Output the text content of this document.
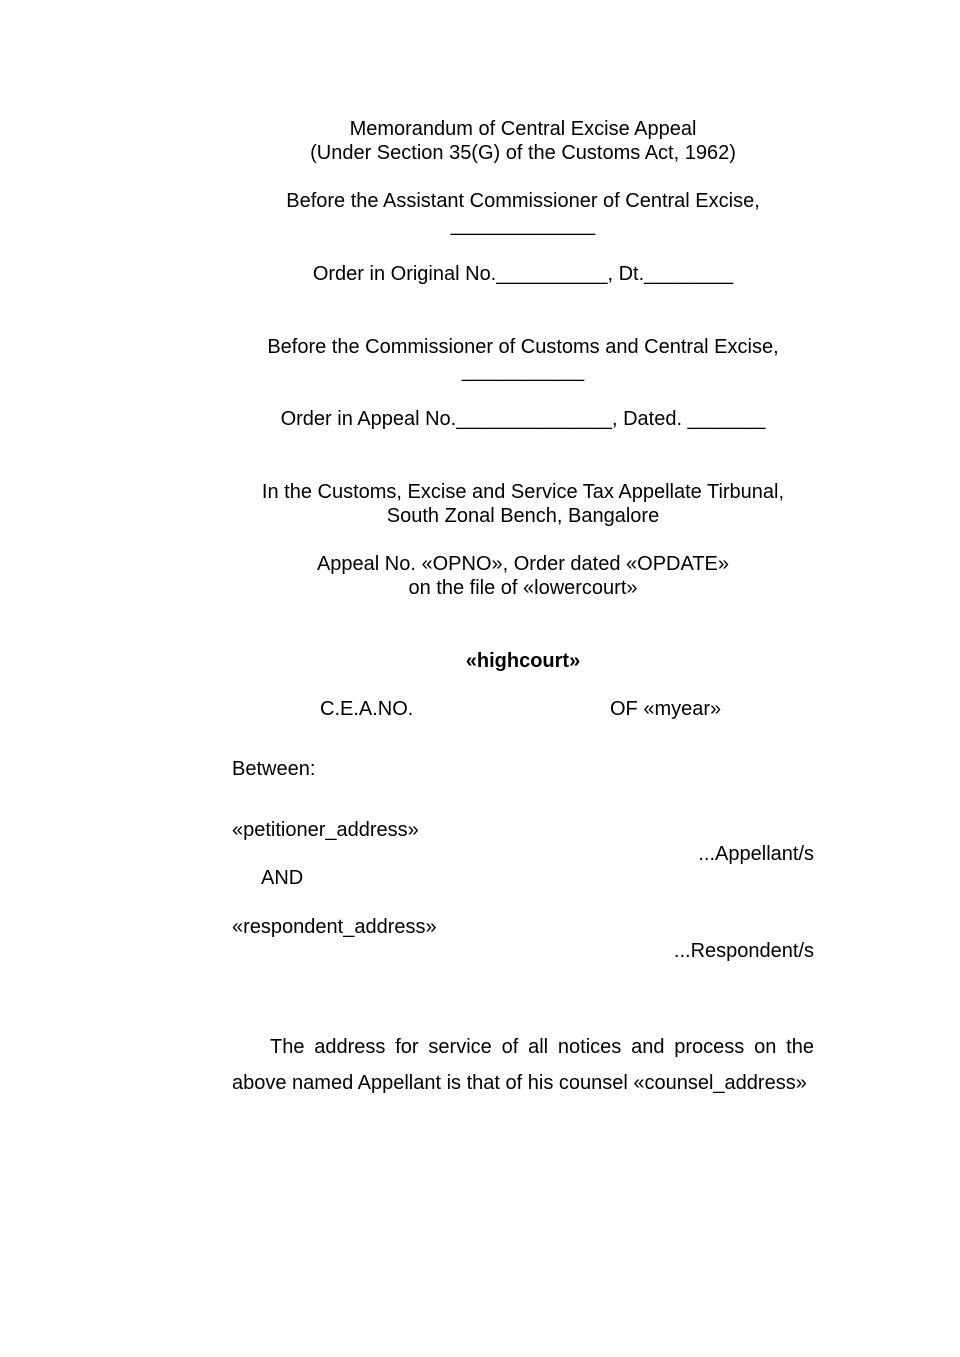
Memorandum of Central Excise Appeal
(Under Section 35(G) of the Customs Act, 1962)
Before the Assistant Commissioner of Central Excise,
_____________
Order in Original No.__________, Dt.________
Before the Commissioner of Customs and Central Excise,
___________
Order in Appeal No.______________, Dated. _______
In the Customs, Excise and Service Tax Appellate Tirbunal,
South Zonal Bench, Bangalore
Appeal No. «OPNO», Order dated «OPDATE»
on the file of «lowercourt»
«highcourt»
C.E.A.NO.	OF «myear»
Between:
«petitioner_address»
...Appellant/s
AND
«respondent_address»
...Respondent/s
The address for service of all notices and process on the above named Appellant is that of his counsel «counsel_address»
